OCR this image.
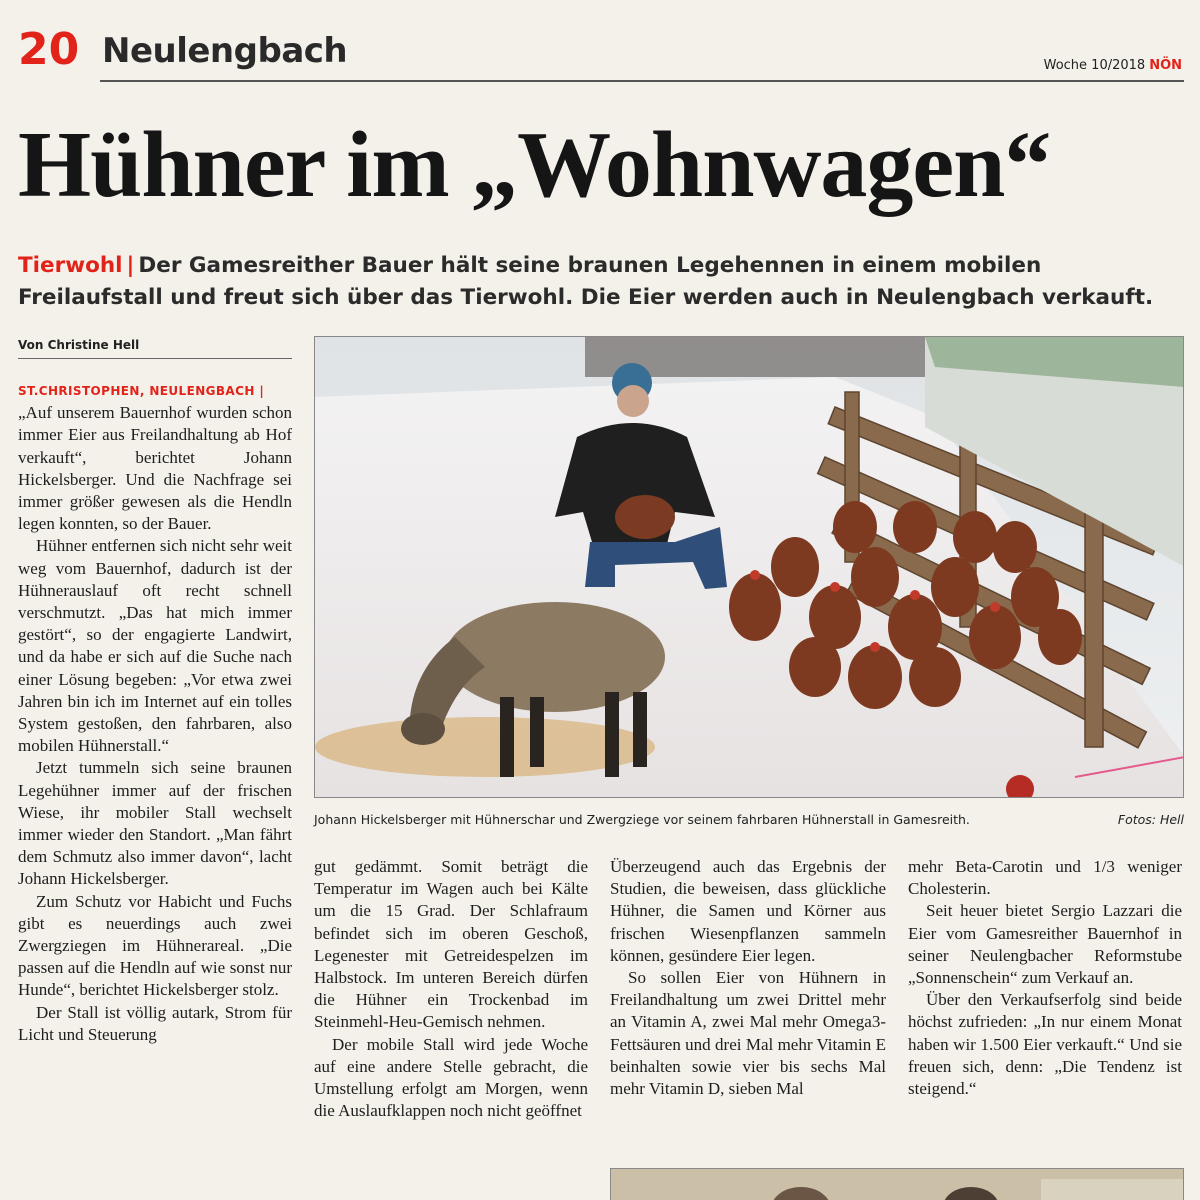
20 Neulengbach	Woche 10/2018 NÖN
Hühner im „Wohnwagen“
Tierwohl | Der Gamesreither Bauer hält seine braunen Legehennen in einem mobilen Freilaufstall und freut sich über das Tierwohl. Die Eier werden auch in Neulengbach verkauft.
Von Christine Hell
ST.CHRISTOPHEN, NEULENGBACH |

„Auf unserem Bauernhof wurden schon immer Eier aus Freilandhaltung ab Hof verkauft“, berichtet Johann Hickelsberger. Und die Nachfrage sei immer größer gewesen als die Hendln legen konnten, so der Bauer.

Hühner entfernen sich nicht sehr weit weg vom Bauernhof, dadurch ist der Hühnerauslauf oft recht schnell verschmutzt. „Das hat mich immer gestört“, so der engagierte Landwirt, und da habe er sich auf die Suche nach einer Lösung begeben: „Vor etwa zwei Jahren bin ich im Internet auf ein tolles System gestoßen, den fahrbaren, also mobilen Hühnerstall.“

Jetzt tummeln sich seine braunen Legehühner immer auf der frischen Wiese, ihr mobiler Stall wechselt immer wieder den Standort. „Man fährt dem Schmutz also immer davon“, lacht Johann Hickelsberger.

Zum Schutz vor Habicht und Fuchs gibt es neuerdings auch zwei Zwergziegen im Hühnerareal. „Die passen auf die Hendln auf wie sonst nur Hunde“, berichtet Hickelsberger stolz.

Der Stall ist völlig autark, Strom für Licht und Steuerung

Johann Hickelsberger mit Hühnerschar und Zwergziege vor seinem fahrbaren Hühnerstall in Gamesreith.	Fotos: Hell

gut gedämmt. Somit beträgt die Temperatur im Wagen auch bei Kälte um die 15 Grad. Der Schlafraum befindet sich im oberen Geschoß, Legenester mit Getreidespelzen im Halbstock. Im unteren Bereich dürfen die Hühner ein Trockenbad im Steinmehl-Heu-Gemisch nehmen.

Der mobile Stall wird jede Woche auf eine andere Stelle gebracht, die Umstellung erfolgt am Morgen, wenn die Auslaufklappen noch nicht geöffnet

Überzeugend auch das Ergebnis der Studien, die beweisen, dass glückliche Hühner, die Samen und Körner aus frischen Wiesenpflanzen sammeln können, gesündere Eier legen.

So sollen Eier von Hühnern in Freilandhaltung um zwei Drittel mehr an Vitamin A, zwei Mal mehr Omega3-Fettsäuren und drei Mal mehr Vitamin E beinhalten sowie vier bis sechs Mal mehr Vitamin D, sieben Mal

mehr Beta-Carotin und 1/3 weniger Cholesterin.

Seit heuer bietet Sergio Lazzari die Eier vom Gamesreither Bauernhof in seiner Neulengbacher Reformstube „Sonnenschein“ zum Verkauf an.

Über den Verkaufserfolg sind beide höchst zufrieden: „In nur einem Monat haben wir 1.500 Eier verkauft.“ Und sie freuen sich, denn: „Die Tendenz ist steigend.“
